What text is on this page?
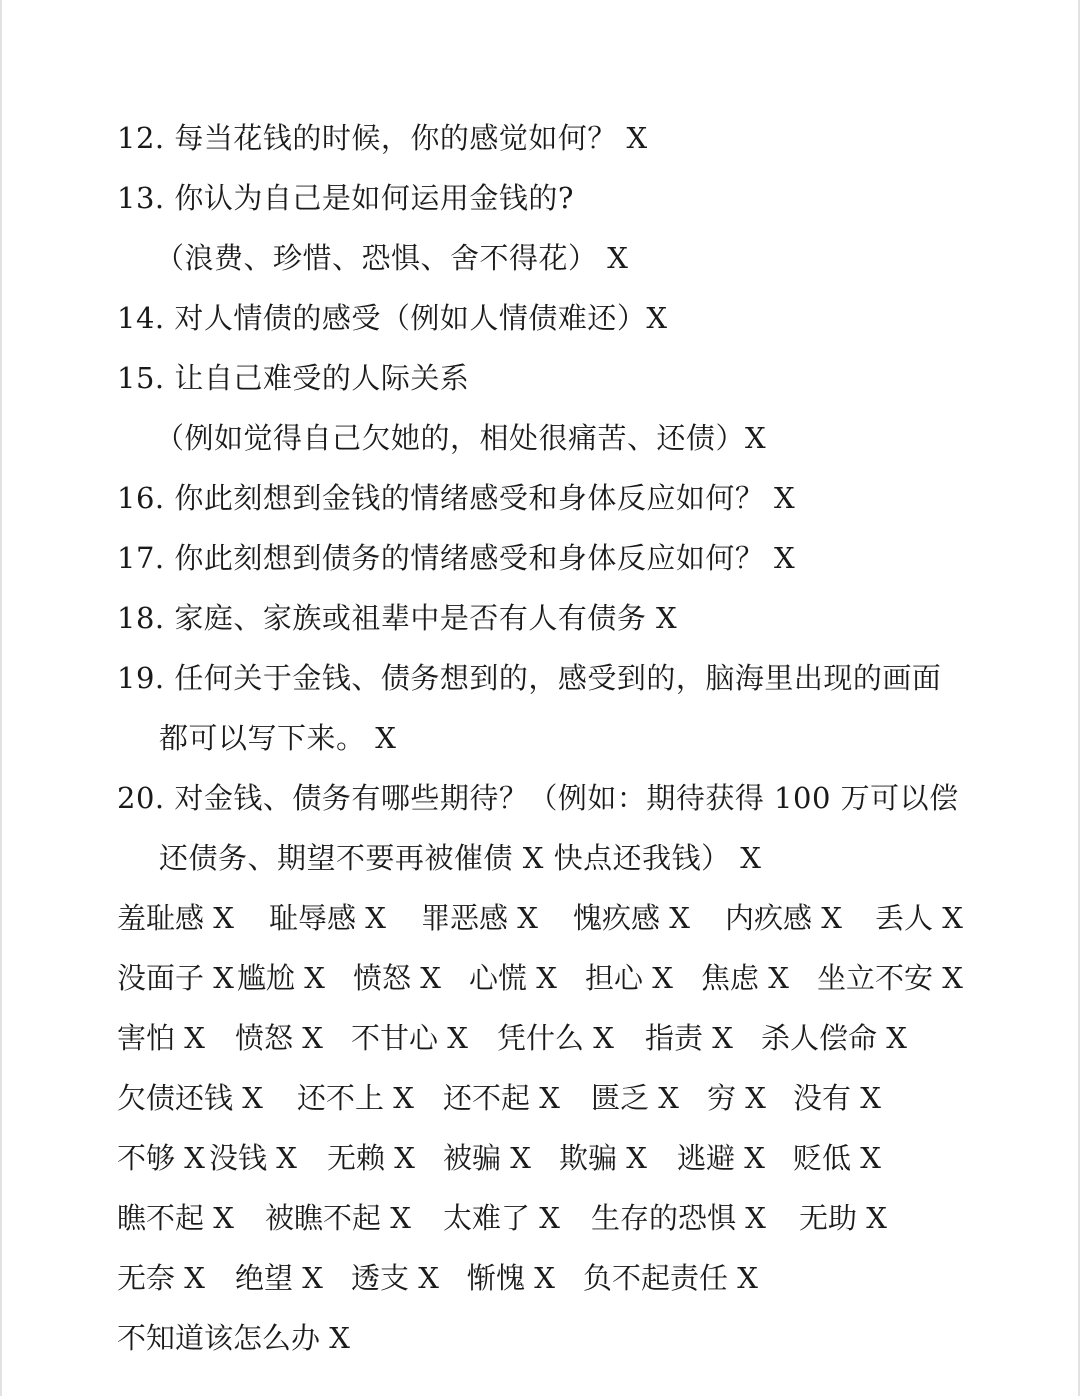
12. 每当花钱的时候，你的感觉如何？ X
13. 你认为自己是如何运用金钱的?
（浪费、珍惜、恐惧、舍不得花） X
14. 对人情债的感受（例如人情债难还）X
15. 让自己难受的人际关系
（例如觉得自己欠她的，相处很痛苦、还债）X
16. 你此刻想到金钱的情绪感受和身体反应如何？ X
17. 你此刻想到债务的情绪感受和身体反应如何？ X
18. 家庭、家族或祖辈中是否有人有债务 X
19. 任何关于金钱、债务想到的，感受到的，脑海里出现的画面
都可以写下来。 X
20. 对金钱、债务有哪些期待？（例如：期待获得 100 万可以偿
还债务、期望不要再被催债 X 快点还我钱） X
羞耻感 X 耻辱感 X 罪恶感 X 愧疚感 X 内疚感 X 丢人 X
没面子 X 尴尬 X 愤怒 X 心慌 X 担心 X 焦虑 X 坐立不安 X
害怕 X 愤怒 X 不甘心 X 凭什么 X 指责 X 杀人偿命 X
欠债还钱 X 还不上 X 还不起 X 匮乏 X 穷 X 没有 X
不够 X 没钱 X 无赖 X 被骗 X 欺骗 X 逃避 X 贬低 X
瞧不起 X 被瞧不起 X 太难了 X 生存的恐惧 X 无助 X
无奈 X 绝望 X 透支 X 惭愧 X 负不起责任 X
不知道该怎么办 X
